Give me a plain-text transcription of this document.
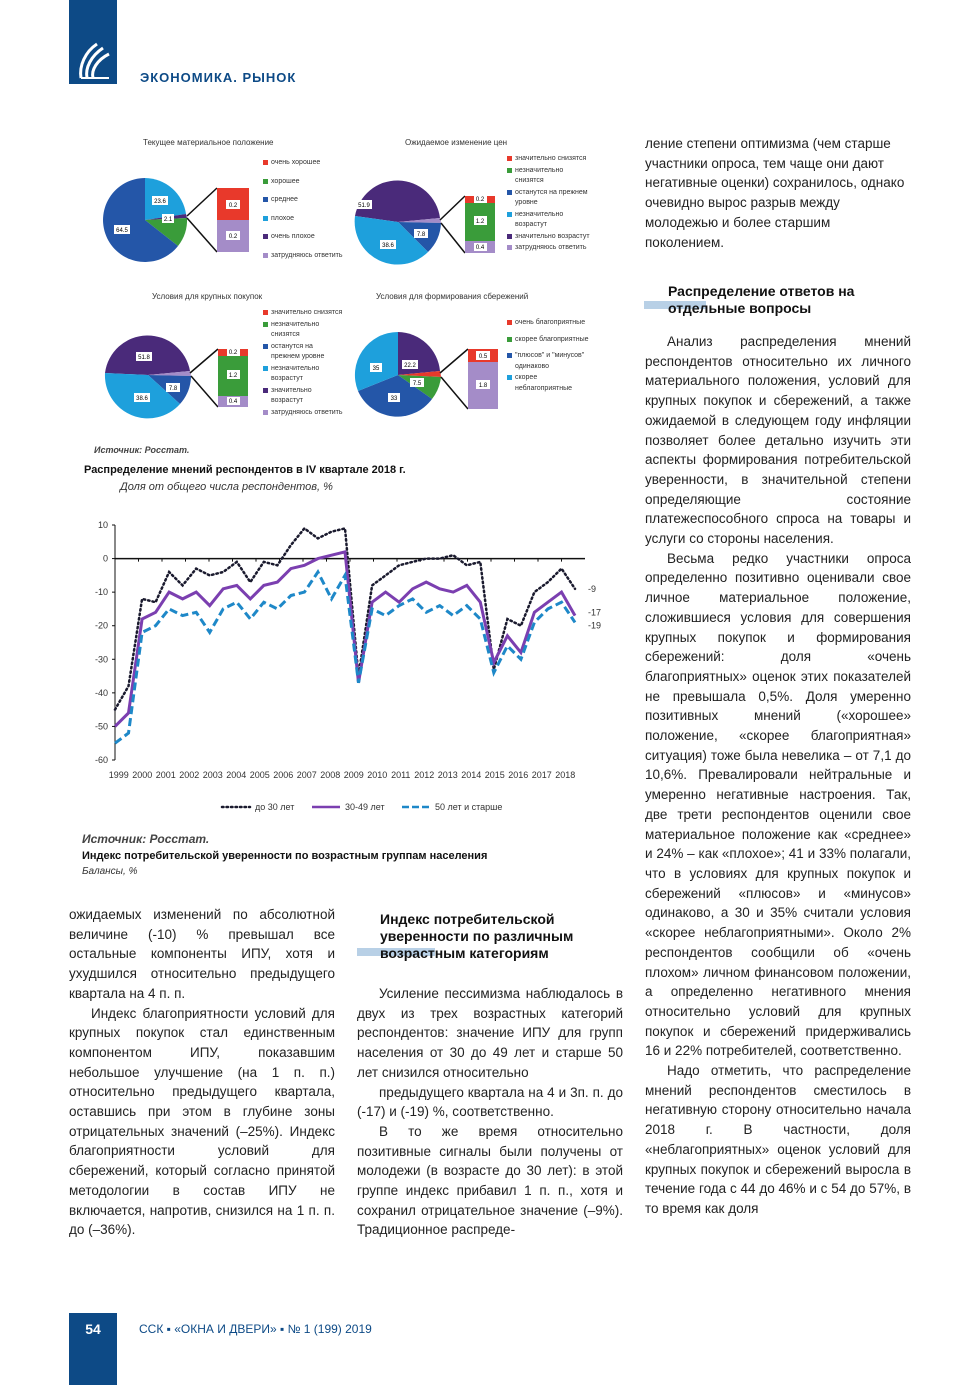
ЭКОНОМИКА. РЫНОК
Текущее материальное положение
23.6
2.1
64.5
0.2
0.2
очень хорошее
хорошее
среднее
плохое
очень плохое
затрудняюсь ответить
Ожидаемое изменение цен
51.9
38.6
7.8
0.2
1.2
0.4
значительно снизятся
незначительно снизятся
останутся на прежнем уровне
незначительно возрастут
значительно возрастут
затрудняюсь ответить
Условия для крупных покупок
51.8
38.6
7.8
0.2
1.2
0.4
значительно снизятся
незначительно снизятся
останутся на прежнем уровне
незначительно возрастут
значительно возрастут
затрудняюсь ответить
Условия для формирования сбережений
35	22.2
33
7.5
0.5
1.8
очень благоприятные
скорее благоприятные
"плюсов" и "минусов" одинаково
скорее неблагоприятные
Источник: Росстат.
Распределение мнений респондентов в IV квартале 2018 г.
Доля от общего числа респондентов, %
10
0
-10
-20
-30
-40
-50
-60
1999 2000 2001 2002 2003 2004 2005 2006 2007 2008 2009 2010 2011 2012 2013 2014 2015 2016 2017 2018
-9
-17
-19
до 30 лет	30-49 лет	50 лет и старше
Источник: Росстат.
Индекс потребительской уверенности по возрастным группам населения
Балансы, %

ожидаемых изменений по абсолютной величине (-10) % превышал все остальные компоненты ИПУ, хотя и ухудшился относительно предыдущего квартала на 4 п. п.

Индекс благоприятности условий для крупных покупок стал единственным компонентом ИПУ, показавшим небольшое улучшение (на 1 п. п.) относительно предыдущего квартала, оставшись при этом в глубине зоны отрицательных значений (–25%). Индекс благоприятности условий для сбережений, который согласно принятой методологии в состав ИПУ не включается, напротив, снизился на 1 п. п. до (–36%).

Индекс потребительской уверенности по различным возрастным категориям

Усиление пессимизма наблюдалось в двух из трех возрастных категорий респондентов: значение ИПУ для групп населения от 30 до 49 лет и старше 50 лет снизился относительно

предыдущего квартала на 4 и 3п. п. до (-17) и (-19) %, соответственно.

В то же время относительно позитивные сигналы были получены от молодежи (в возрасте до 30 лет): в этой группе индекс прибавил 1 п. п., хотя и сохранил отрицательное значение (–9%). Традиционное распреде-

ление степени оптимизма (чем старше участники опроса, тем чаще они дают негативные оценки) сохранилось, однако очевидно вырос разрыв между молодежью и более старшим поколением.

Распределение ответов на отдельные вопросы

Анализ распределения мнений респондентов относительно их личного материального положения, условий для крупных покупок и сбережений, а также ожидаемой в следующем году инфляции позволяет более детально изучить эти аспекты формирования потребительской уверенности, в значительной степени определяющие состояние платежеспособного спроса на товары и услуги со стороны населения.

Весьма редко участники опроса определенно позитивно оценивали свое личное материальное положение, сложившиеся условия для совершения крупных покупок и формирования сбережений: доля «очень благоприятных» оценок этих показателей не превышала 0,5%. Доля умеренно позитивных мнений («хорошее» положение, «скорее благоприятная» ситуация) тоже была невелика – от 7,1 до 10,6%. Превалировали нейтральные и умеренно негативные настроения. Так, две трети респондентов оценили свое материальное положение как «среднее» и 24% – как «плохое»; 41 и 33% полагали, что в условиях для крупных покупок и сбережений «плюсов» и «минусов» одинаково, а 30 и 35% считали условия «скорее неблагоприятными». Около 2% респондентов сообщили об «очень плохом» личном финансовом положении, а определенно негативного мнения относительно условий для крупных покупок и сбережений придерживались 16 и 22% потребителей, соответственно.

Надо отметить, что распределение мнений респондентов сместилось в негативную сторону относительно начала 2018 г. В частности, доля «неблагоприятных» оценок условий для крупных покупок и сбережений выросла в течение года с 44 до 46% и с 54 до 57%, в то время как доля

54	ССК ▪ «ОКНА И ДВЕРИ» ▪ № 1 (199) 2019
